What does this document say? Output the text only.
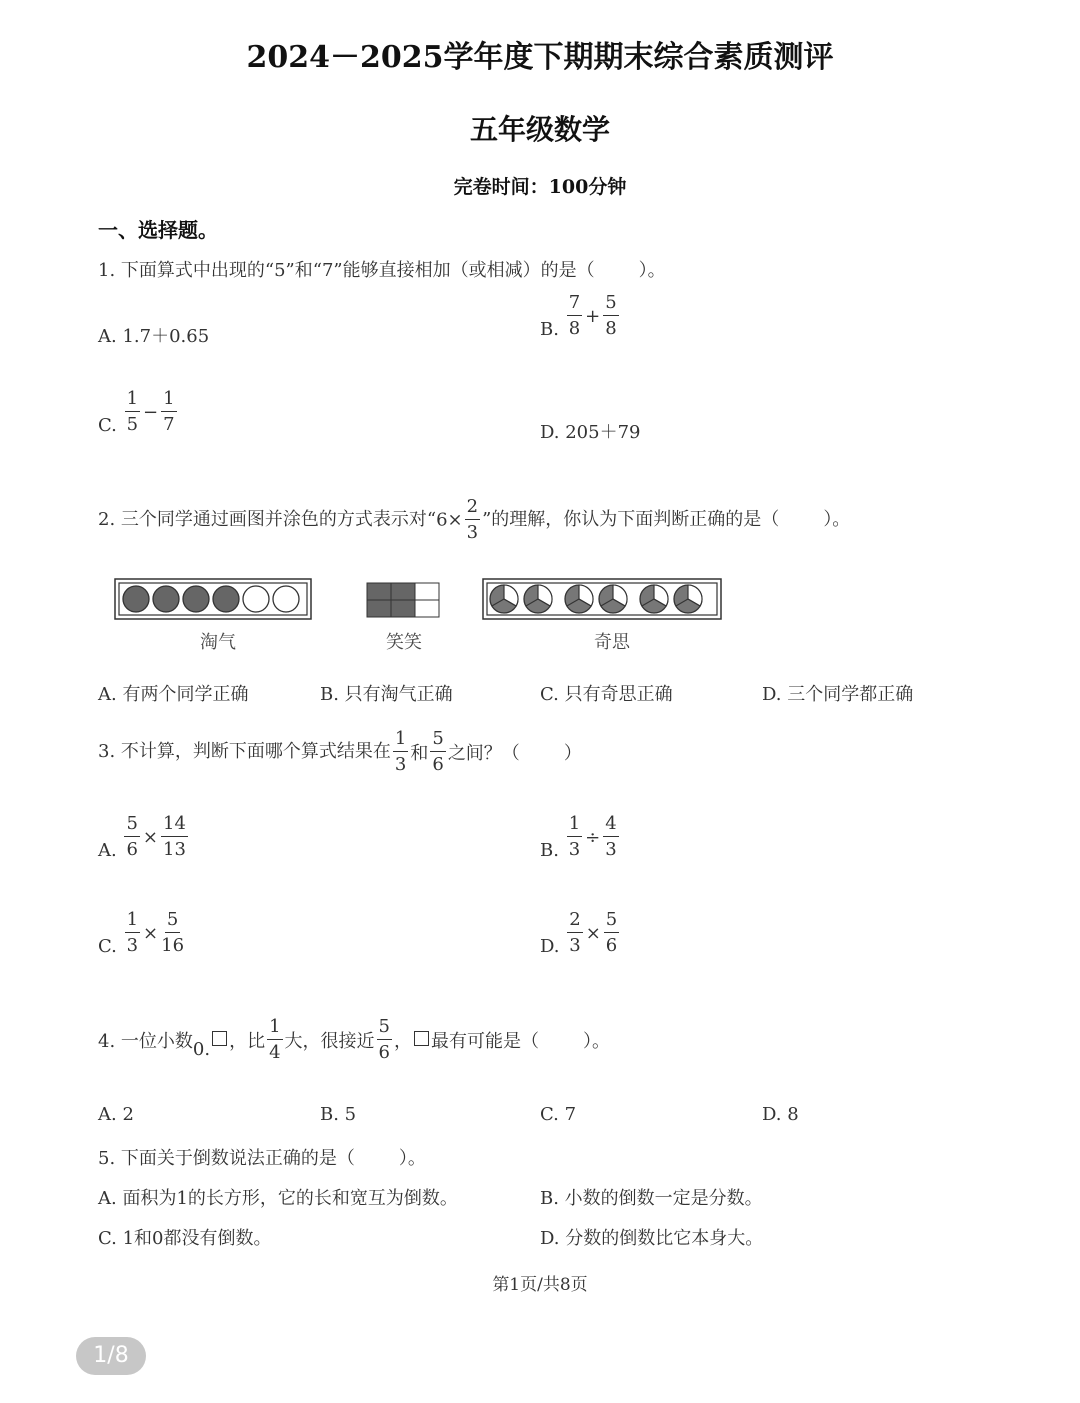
2024－2025学年度下期期末综合素质测评
五年级数学
完卷时间：100分钟
一、选择题。
1. 下面算式中出现的“5”和“7”能够直接相加（或相减）的是（ ）。
A. 1.7＋0.65	B. $\frac{7}{8} + \frac{5}{8}$
C. $\frac{1}{5} - \frac{1}{7}$	D. 205＋79
2. 三个同学通过画图并涂色的方式表示对“$6\times \frac{2}{3}$ ”的理解，你认为下面判断正确的是（ ）。
淘气	笑笑	奇思
A. 有两个同学正确	B. 只有淘气正确	C. 只有奇思正确	D. 三个同学都正确
3. 不计算，判断下面哪个算式结果在 $\frac{1}{3}$ 和 $\frac{5}{6}$ 之间？（ ）
A. $\frac{5}{6} \times \frac{14}{13}$	B. $\frac{1}{3} \div \frac{4}{3}$
C. $\frac{1}{3} \times \frac{5}{16}$	D. $\frac{2}{3} \times \frac{5}{6}$
4. 一位小数0. ，比 $\frac{1}{4}$ 大，很接近 $\frac{5}{6}$ ， 最有可能是（ ）。
A. 2	B. 5	C. 7	D. 8
5. 下面关于倒数说法正确的是（ ）。
A. 面积为1的长方形，它的长和宽互为倒数。	B. 小数的倒数一定是分数。
C. 1和0都没有倒数。	D. 分数的倒数比它本身大。
第1页/共8页
1/8
